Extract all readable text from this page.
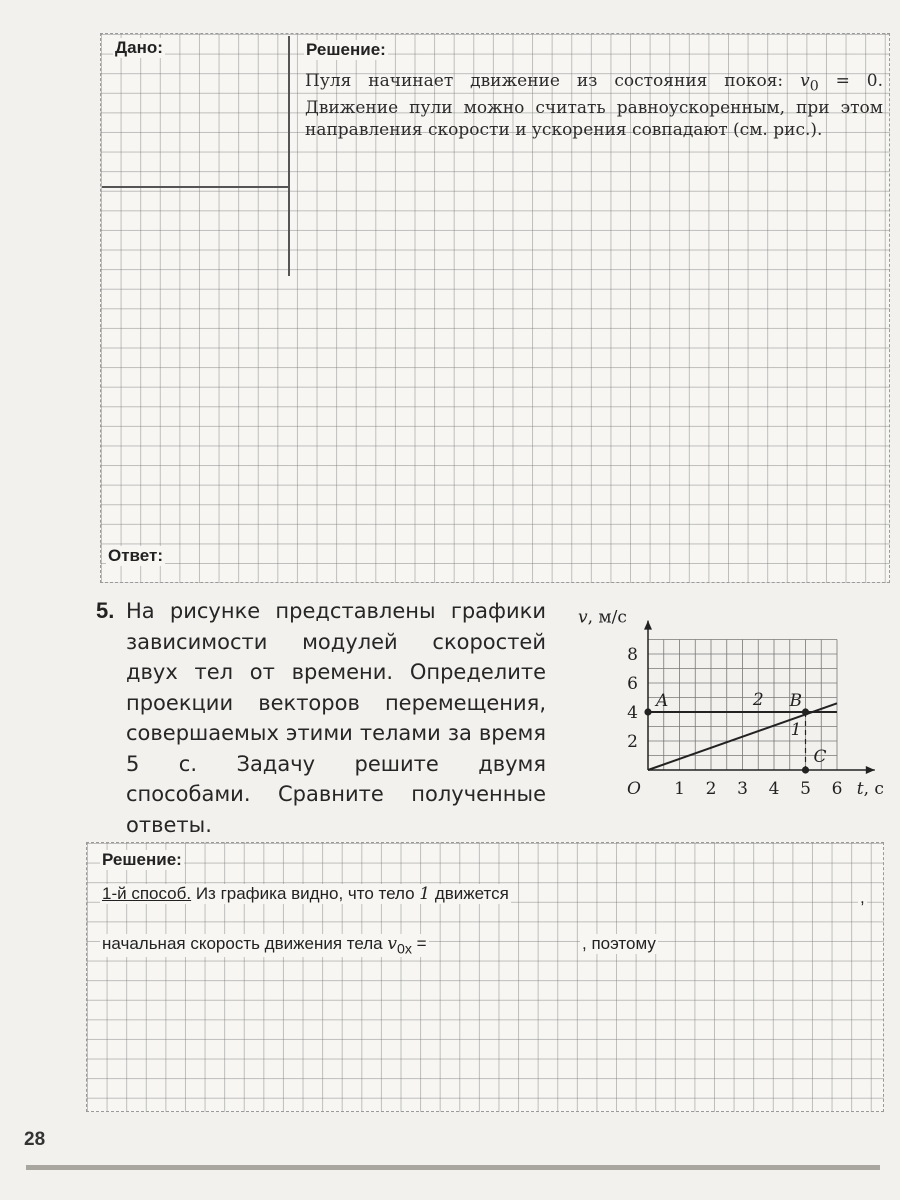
Дано:	Решение:

Пуля начинает движение из состояния покоя: $v_0 = 0$. Движение пули можно считать равноускоренным, при этом направления скорости и ускорения совпадают (см. рис.).

Ответ:
5. На рисунке представлены графики зависимости модулей скоростей двух тел от времени. Определите проекции векторов перемещения, совершаемых этими телами за время 5 с. Задачу решите двумя способами. Сравните полученные ответы.

1 2 3 4 5 6
2
4
6
8
O	t, с
v, м/с
A	B
C
1
2
Решение:
1-й способ. Из графика видно, что тело 1 движется	,
начальная скорость движения тела $v_{0x}$ =	, поэтому
28
